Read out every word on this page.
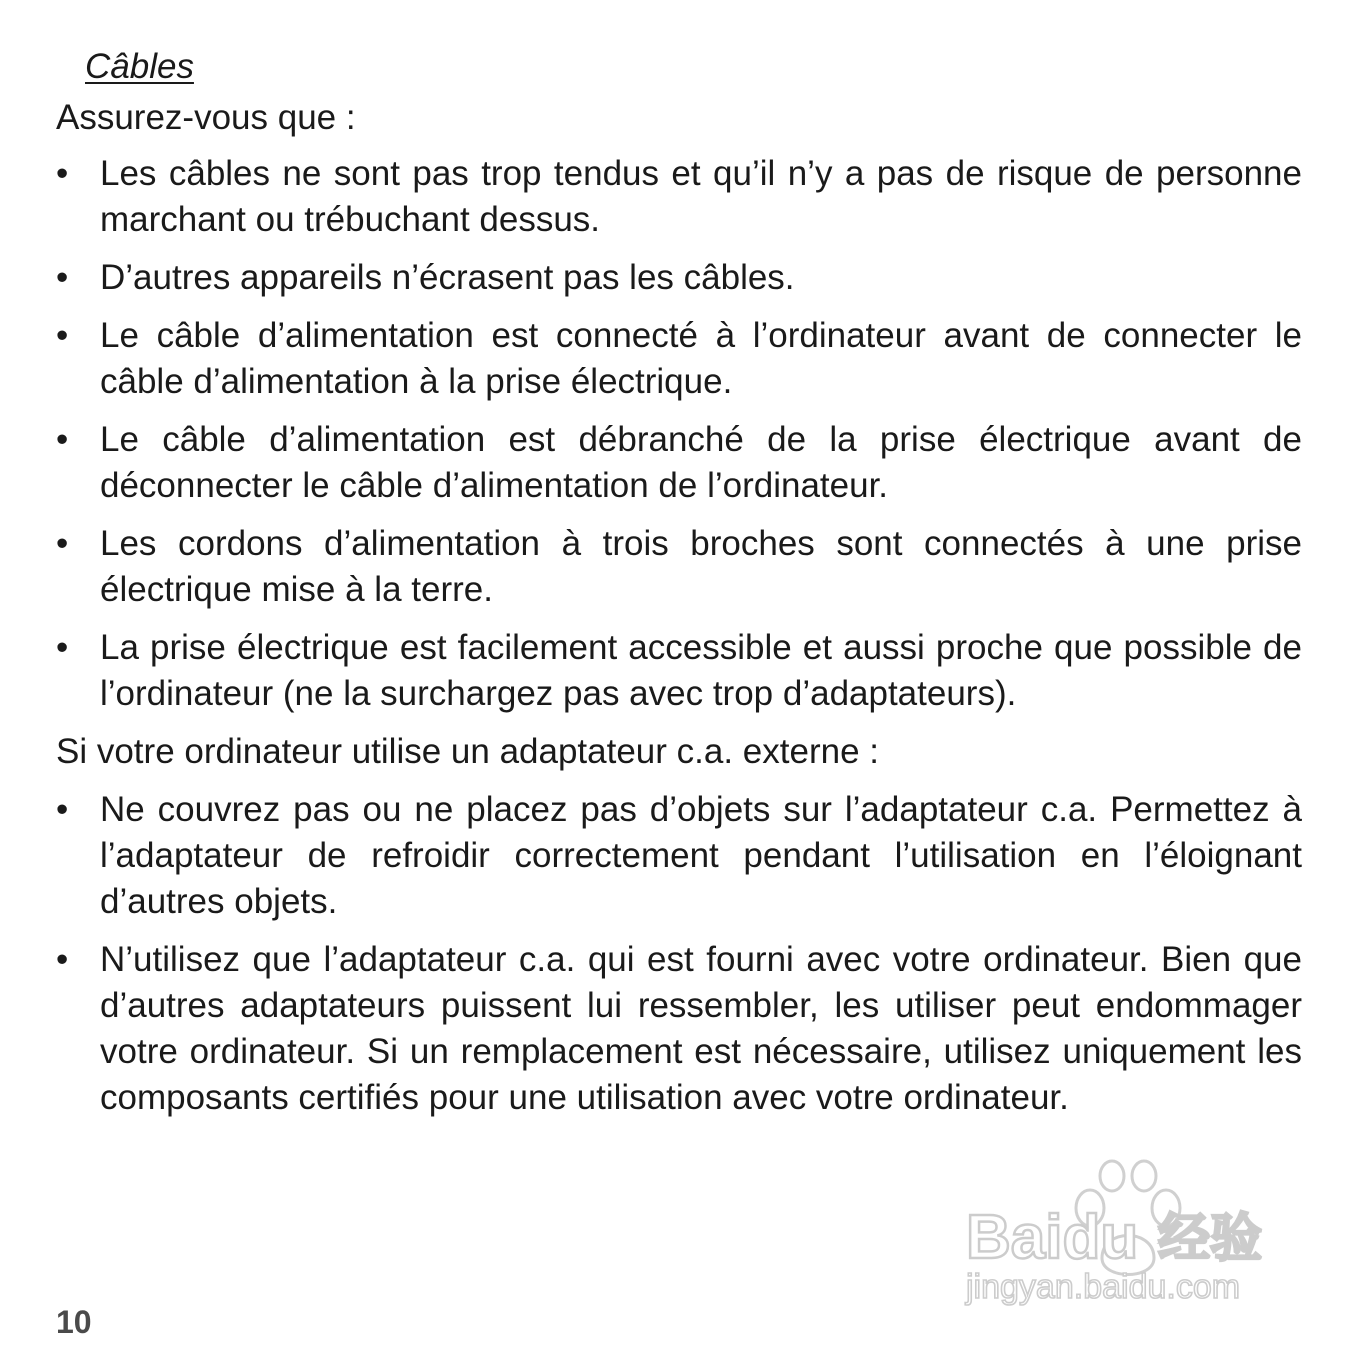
Câbles
Assurez-vous que :
• Les câbles ne sont pas trop tendus et qu’il n’y a pas de risque de personne marchant ou trébuchant dessus.
• D’autres appareils n’écrasent pas les câbles.
• Le câble d’alimentation est connecté à l’ordinateur avant de connecter le câble d’alimentation à la prise électrique.
• Le câble d’alimentation est débranché de la prise électrique avant de déconnecter le câble d’alimentation de l’ordinateur.
• Les cordons d’alimentation à trois broches sont connectés à une prise électrique mise à la terre.
• La prise électrique est facilement accessible et aussi proche que possible de l’ordinateur (ne la surchargez pas avec trop d’adaptateurs).
Si votre ordinateur utilise un adaptateur c.a. externe :
• Ne couvrez pas ou ne placez pas d’objets sur l’adaptateur c.a. Permettez à l’adaptateur de refroidir correctement pendant l’utilisation en l’éloignant d’autres objets.
• N’utilisez que l’adaptateur c.a. qui est fourni avec votre ordinateur. Bien que d’autres adaptateurs puissent lui ressembler, les utiliser peut endommager votre ordinateur. Si un remplacement est nécessaire, utilisez uniquement les composants certifiés pour une utilisation avec votre ordinateur.
10
Baidu 经验
jingyan.baidu.com
